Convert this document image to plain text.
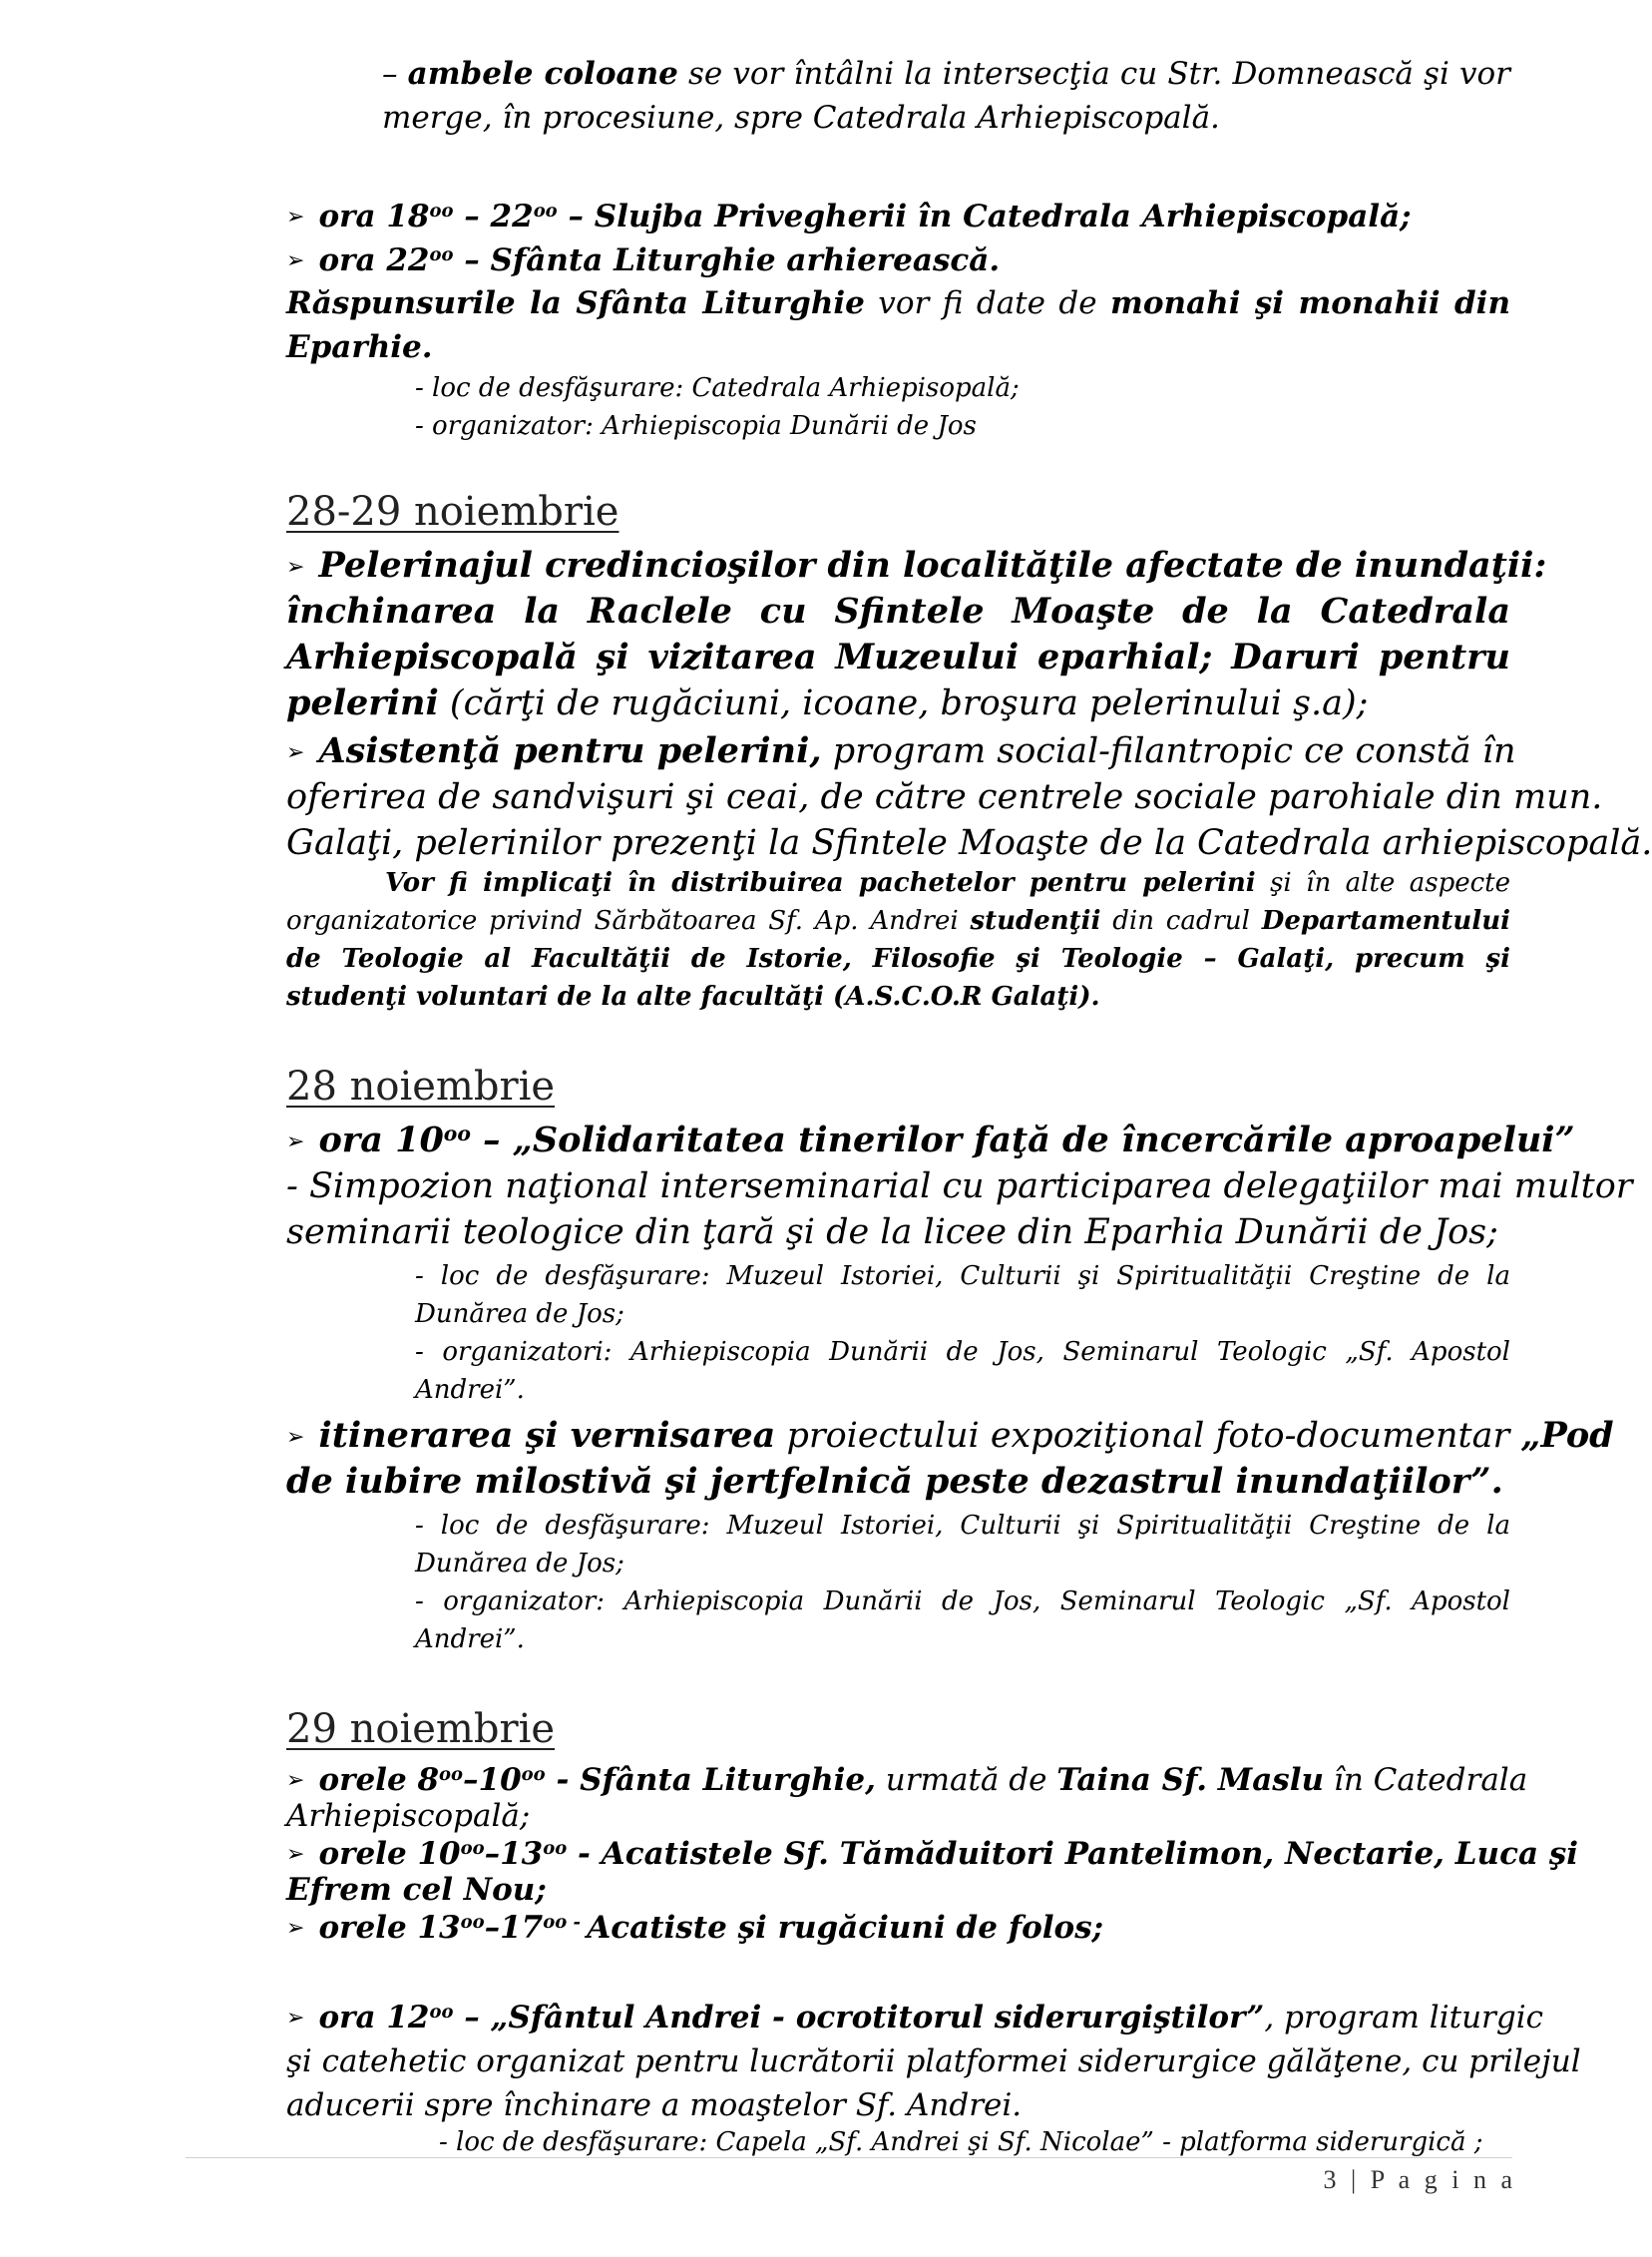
– ambele coloane se vor întâlni la intersecţia cu Str. Domnească şi vor
merge, în procesiune, spre Catedrala Arhiepiscopală.
➢ ora $18^{oo} - 22^{oo}$ – Slujba Privegherii în Catedrala Arhiepiscopală;
➢ ora $22^{oo}$ – Sfânta Liturghie arhierească.
Răspunsurile la Sfânta Liturghie vor fi date de monahi şi monahii din
Eparhie.
- loc de desfăşurare: Catedrala Arhiepisopală;
- organizator: Arhiepiscopia Dunării de Jos
28-29 noiembrie
➢ Pelerinajul credincioşilor din localităţile afectate de inundaţii:
închinarea la Raclele cu Sfintele Moaşte de la Catedrala
Arhiepiscopală şi vizitarea Muzeului eparhial; Daruri pentru
pelerini (cărţi de rugăciuni, icoane, broşura pelerinului ş.a);
➢ Asistenţă pentru pelerini, program social-filantropic ce constă în
oferirea de sandvişuri şi ceai, de către centrele sociale parohiale din mun.
Galaţi, pelerinilor prezenţi la Sfintele Moaşte de la Catedrala arhiepiscopală.
Vor fi implicaţi în distribuirea pachetelor pentru pelerini şi în alte aspecte
organizatorice privind Sărbătoarea Sf. Ap. Andrei studenţii din cadrul Departamentului
de Teologie al Facultăţii de Istorie, Filosofie şi Teologie – Galaţi, precum şi
studenţi voluntari de la alte facultăţi (A.S.C.O.R Galaţi).
28 noiembrie
➢ ora $10^{oo}$ – „Solidaritatea tinerilor faţă de încercările aproapelui”
- Simpozion naţional interseminarial cu participarea delegaţiilor mai multor
seminarii teologice din ţară şi de la licee din Eparhia Dunării de Jos;
- loc de desfăşurare: Muzeul Istoriei, Culturii şi Spiritualităţii Creştine de la
Dunărea de Jos;
- organizatori: Arhiepiscopia Dunării de Jos, Seminarul Teologic „Sf. Apostol
Andrei”.
➢ itinerarea şi vernisarea proiectului expoziţional foto-documentar „Pod
de iubire milostivă şi jertfelnică peste dezastrul inundaţiilor”.
- loc de desfăşurare: Muzeul Istoriei, Culturii şi Spiritualităţii Creştine de la
Dunărea de Jos;
- organizator: Arhiepiscopia Dunării de Jos, Seminarul Teologic „Sf. Apostol
Andrei”.
29 noiembrie
➢ orele $8^{oo}-10^{oo}$ - Sfânta Liturghie, urmată de Taina Sf. Maslu în Catedrala
Arhiepiscopală;
➢ orele $10^{oo}-13^{oo}$ - Acatistele Sf. Tămăduitori Pantelimon, Nectarie, Luca şi
Efrem cel Nou;
➢ orele $13^{oo}-17^{oo -}$ Acatiste şi rugăciuni de folos;
➢ ora $12^{oo}$ – „Sfântul Andrei - ocrotitorul siderurgiştilor”, program liturgic
şi catehetic organizat pentru lucrătorii platformei siderurgice gălăţene, cu prilejul
aducerii spre închinare a moaştelor Sf. Andrei.
- loc de desfăşurare: Capela „Sf. Andrei şi Sf. Nicolae” - platforma siderurgică ;
3 | P a g i n a
